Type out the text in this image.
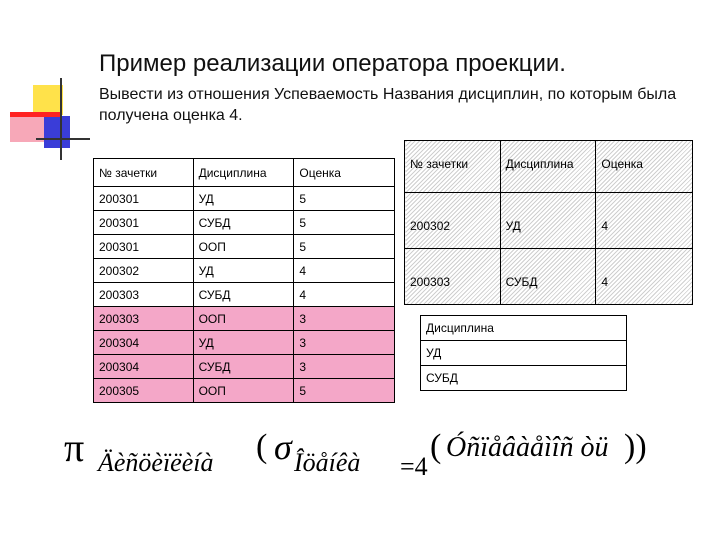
Пример реализации оператора проекции.
Вывести из отношения Успеваемость Названия дисциплин, по которым была получена оценка 4.
№ зачетки	Дисциплина	Оценка
200301	УД	5
200301	СУБД	5
200301	ООП	5
200302	УД	4
200303	СУБД	4
200303	ООП	3
200304	УД	3
200304	СУБД	3
200305	ООП	5
№ зачетки	Дисциплина	Оценка
200302	УД	4
200303	СУБД	4
Дисциплина
УД
СУБД
π Äèñöèïëèíà ( σ Îöåíêà =4
( Óñïåâàåìîñ òü ))
